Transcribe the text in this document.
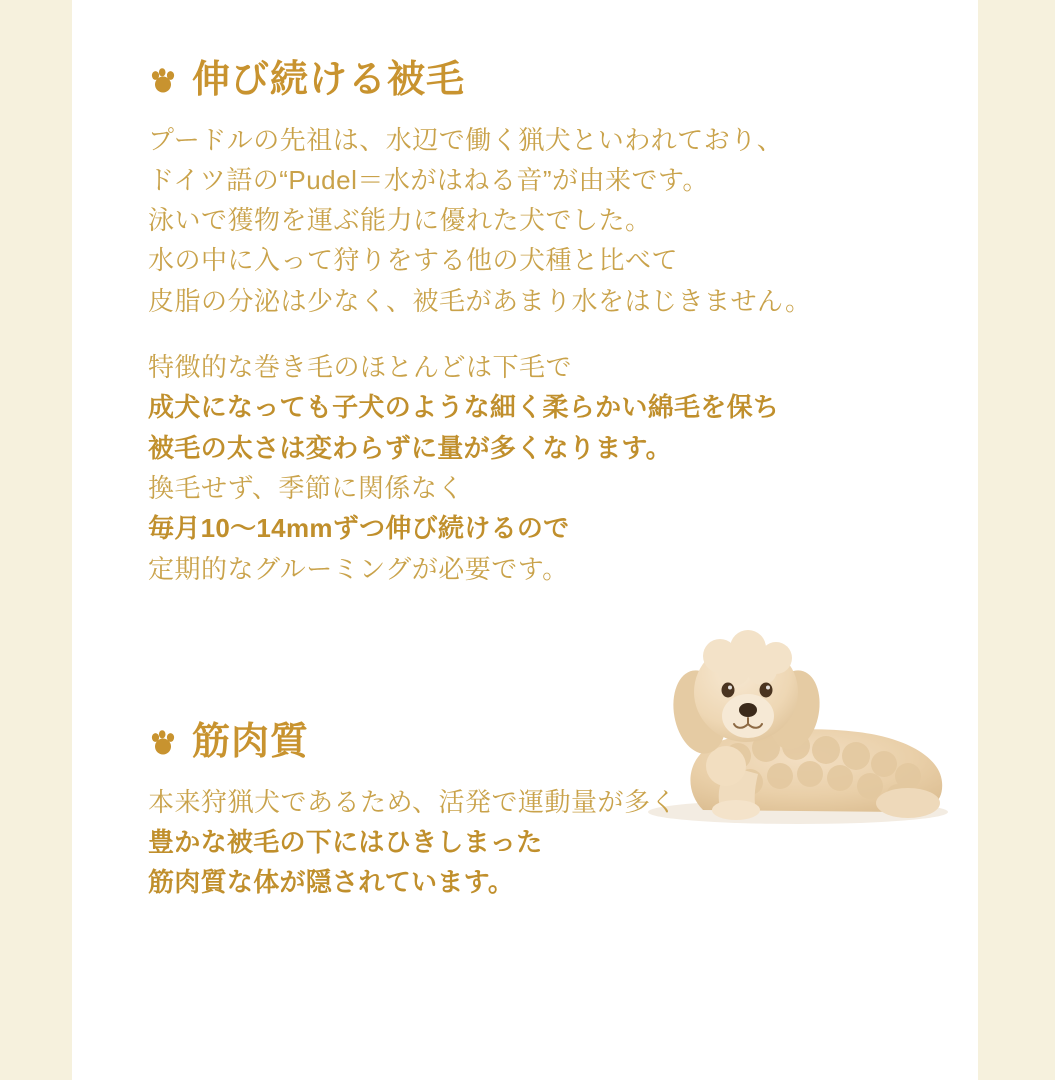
伸び続ける被毛

プードルの先祖は、水辺で働く猟犬といわれており、
ドイツ語の“Pudel＝水がはねる音”が由来です。
泳いで獲物を運ぶ能力に優れた犬でした。
水の中に入って狩りをする他の犬種と比べて
皮脂の分泌は少なく、被毛があまり水をはじきません。

特徴的な巻き毛のほとんどは下毛で
成犬になっても子犬のような細く柔らかい綿毛を保ち
被毛の太さは変わらずに量が多くなります。
換毛せず、季節に関係なく
毎月10〜14mmずつ伸び続けるので
定期的なグルーミングが必要です。

筋肉質

本来狩猟犬であるため、活発で運動量が多く
豊かな被毛の下にはひきしまった
筋肉質な体が隠されています。
